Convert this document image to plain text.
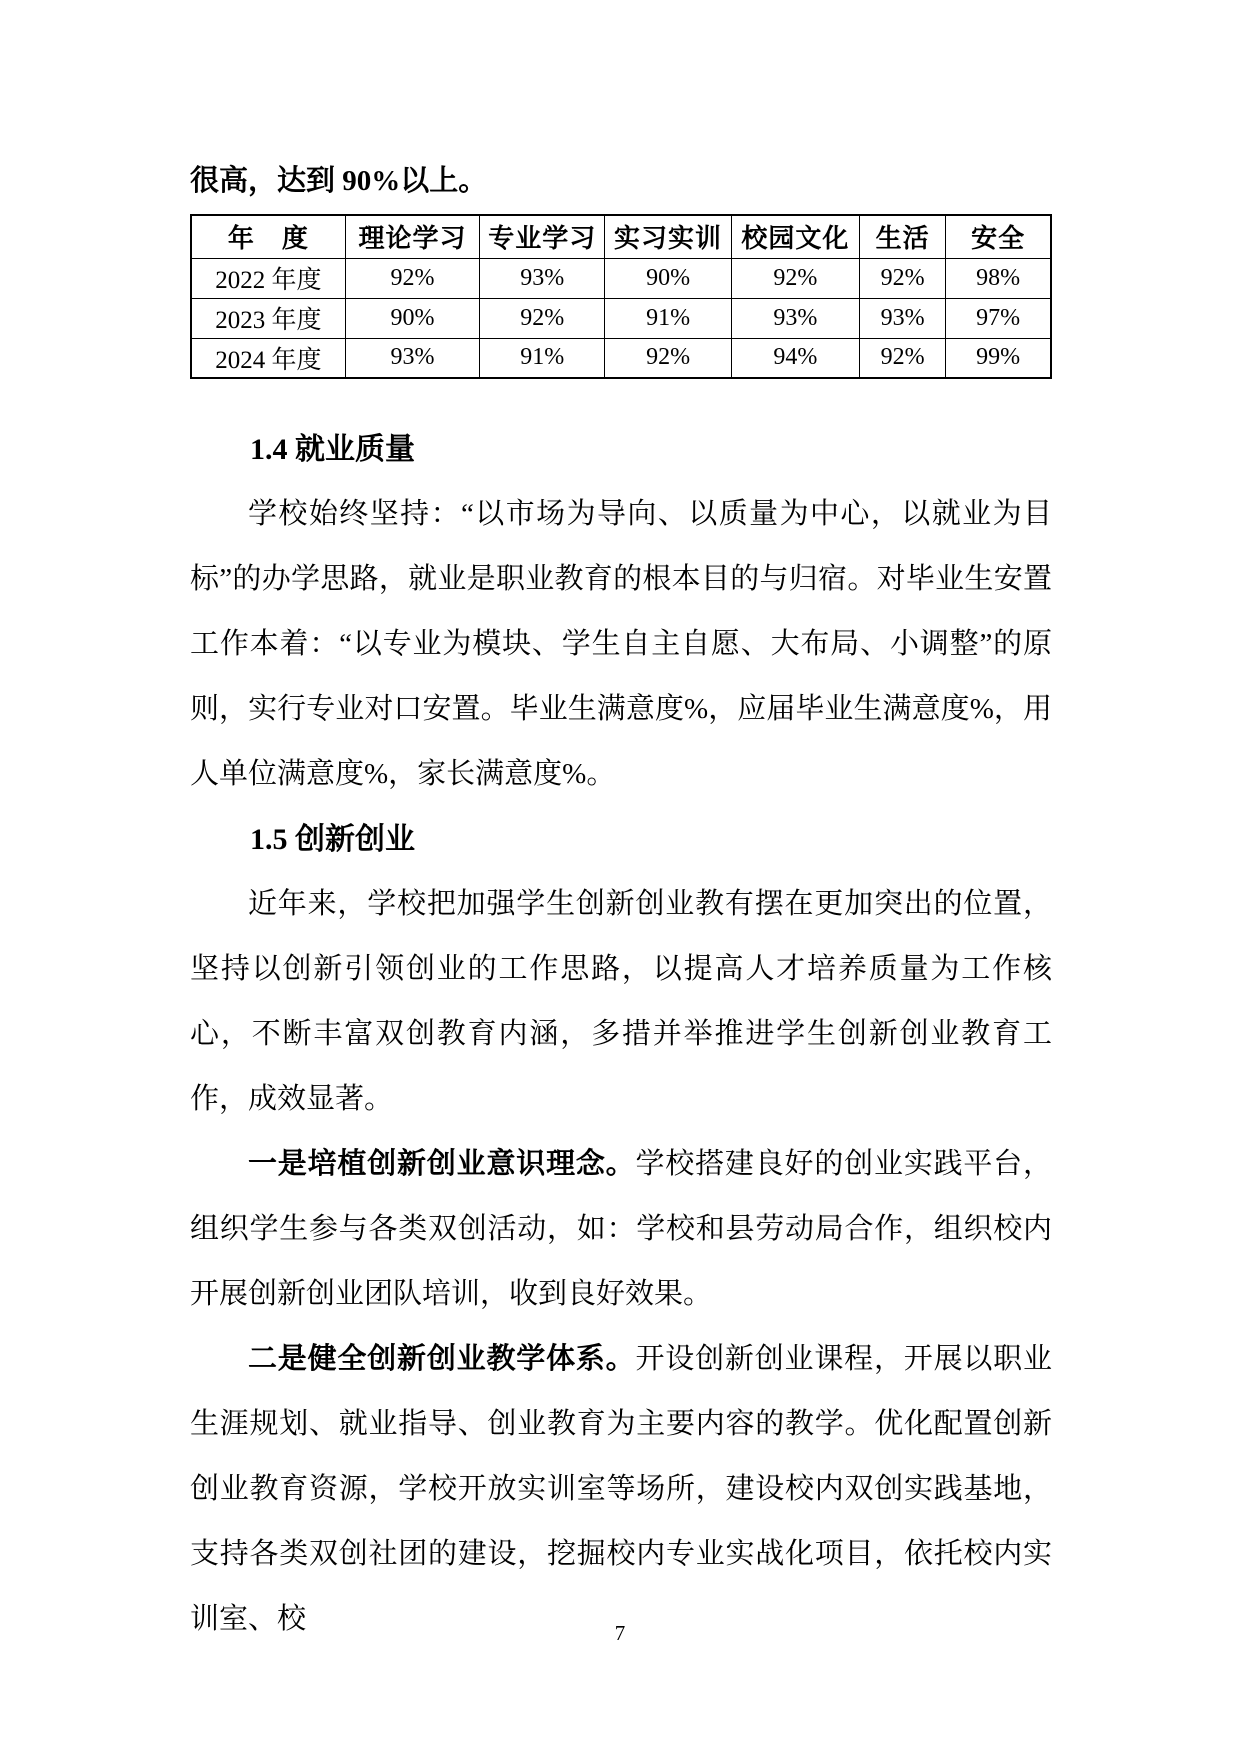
很高，达到 90%以上。

年　度	理论学习	专业学习	实习实训	校园文化	生活	安全
2022 年度	92%	93%	90%	92%	92%	98%
2023 年度	90%	92%	91%	93%	93%	97%
2024 年度	93%	91%	92%	94%	92%	99%
1.4 就业质量

学校始终坚持：“以市场为导向、以质量为中心，以就业为目标”的办学思路，就业是职业教育的根本目的与归宿。对毕业生安置工作本着：“以专业为模块、学生自主自愿、大布局、小调整”的原则，实行专业对口安置。毕业生满意度%，应届毕业生满意度%，用人单位满意度%，家长满意度%。

1.5 创新创业

近年来，学校把加强学生创新创业教有摆在更加突出的位置，坚持以创新引领创业的工作思路，以提高人才培养质量为工作核心，不断丰富双创教育内涵，多措并举推进学生创新创业教育工作，成效显著。

一是培植创新创业意识理念。学校搭建良好的创业实践平台，组织学生参与各类双创活动，如：学校和县劳动局合作，组织校内开展创新创业团队培训，收到良好效果。

二是健全创新创业教学体系。开设创新创业课程，开展以职业生涯规划、就业指导、创业教育为主要内容的教学。优化配置创新创业教育资源，学校开放实训室等场所，建设校内双创实践基地，支持各类双创社团的建设，挖掘校内专业实战化项目，依托校内实训室、校	7
